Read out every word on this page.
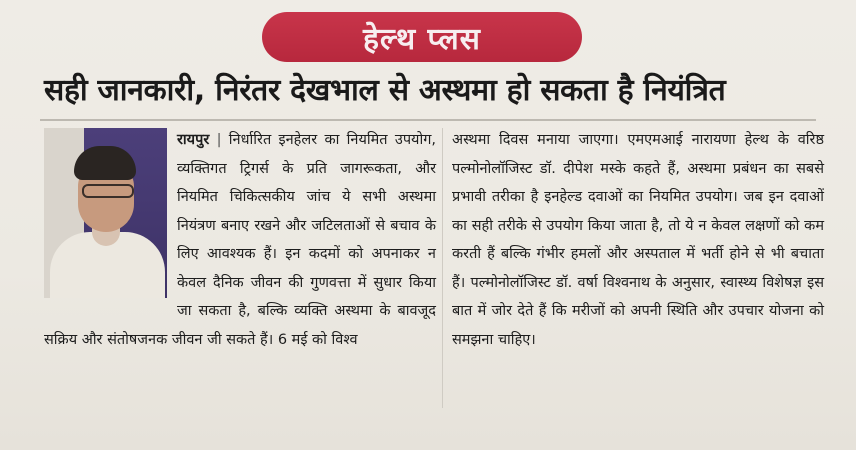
हेल्थ प्लस
सही जानकारी, निरंतर देखभाल से अस्थमा हो सकता है नियंत्रित
रायपुर | निर्धारित इनहेलर का नियमित उपयोग, व्यक्तिगत ट्रिगर्स के प्रति जागरूकता, और नियमित चिकित्सकीय जांच ये सभी अस्थमा नियंत्रण बनाए रखने और जटिलताओं से बचाव के लिए आवश्यक हैं। इन कदमों को अपनाकर न केवल दैनिक जीवन की गुणवत्ता में सुधार किया जा सकता है, बल्कि व्यक्ति अस्थमा के बावजूद सक्रिय और संतोषजनक जीवन जी सकते हैं। 6 मई को विश्व
अस्थमा दिवस मनाया जाएगा। एमएमआई नारायणा हेल्थ के वरिष्ठ पल्मोनोलॉजिस्ट डॉ. दीपेश मस्के कहते हैं, अस्थमा प्रबंधन का सबसे प्रभावी तरीका है इनहेल्ड दवाओं का नियमित उपयोग। जब इन दवाओं का सही तरीके से उपयोग किया जाता है, तो ये न केवल लक्षणों को कम करती हैं बल्कि गंभीर हमलों और अस्पताल में भर्ती होने से भी बचाता हैं। पल्मोनोलॉजिस्ट डॉ. वर्षा विश्वनाथ के अनुसार, स्वास्थ्य विशेषज्ञ इस बात में जोर देते हैं कि मरीजों को अपनी स्थिति और उपचार योजना को समझना चाहिए।
